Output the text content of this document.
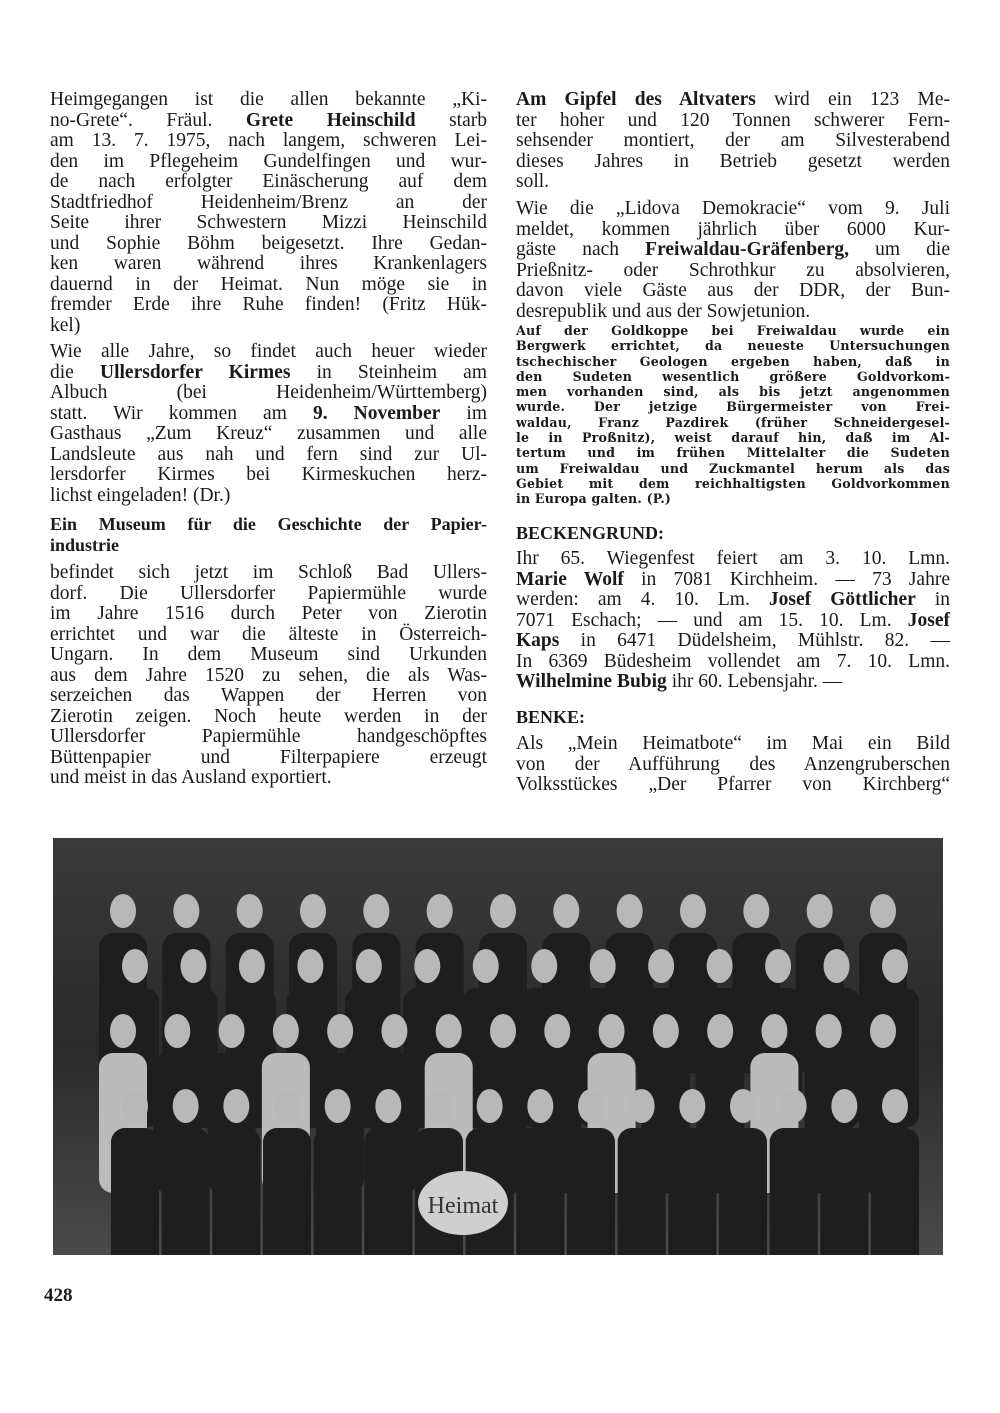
Heimgegangen ist die allen bekannte „Ki-
no-Grete“. Fräul. Grete Heinschild starb
am 13. 7. 1975, nach langem, schweren Lei-
den im Pflegeheim Gundelfingen und wur-
de nach erfolgter Einäscherung auf dem
Stadtfriedhof Heidenheim/Brenz an der
Seite ihrer Schwestern Mizzi Heinschild
und Sophie Böhm beigesetzt. Ihre Gedan-
ken waren während ihres Krankenlagers
dauernd in der Heimat. Nun möge sie in
fremder Erde ihre Ruhe finden! (Fritz Hük-
kel)
Wie alle Jahre, so findet auch heuer wieder
die Ullersdorfer Kirmes in Steinheim am
Albuch (bei Heidenheim/Württemberg)
statt. Wir kommen am 9. November im
Gasthaus „Zum Kreuz“ zusammen und alle
Landsleute aus nah und fern sind zur Ul-
lersdorfer Kirmes bei Kirmeskuchen herz-
lichst eingeladen! (Dr.)
Ein Museum für die Geschichte der Papier-
industrie
befindet sich jetzt im Schloß Bad Ullers-
dorf. Die Ullersdorfer Papiermühle wurde
im Jahre 1516 durch Peter von Zierotin
errichtet und war die älteste in Österreich-
Ungarn. In dem Museum sind Urkunden
aus dem Jahre 1520 zu sehen, die als Was-
serzeichen das Wappen der Herren von
Zierotin zeigen. Noch heute werden in der
Ullersdorfer Papiermühle handgeschöpftes
Büttenpapier und Filterpapiere erzeugt
und meist in das Ausland exportiert.
Am Gipfel des Altvaters wird ein 123 Me-
ter hoher und 120 Tonnen schwerer Fern-
sehsender montiert, der am Silvesterabend
dieses Jahres in Betrieb gesetzt werden
soll.
Wie die „Lidova Demokracie“ vom 9. Juli
meldet, kommen jährlich über 6000 Kur-
gäste nach Freiwaldau-Gräfenberg, um die
Prießnitz- oder Schrothkur zu absolvieren,
davon viele Gäste aus der DDR, der Bun-
desrepublik und aus der Sowjetunion.
Auf der Goldkoppe bei Freiwaldau wurde ein
Bergwerk errichtet, da neueste Untersuchungen
tschechischer Geologen ergeben haben, daß in
den Sudeten wesentlich größere Goldvorkom-
men vorhanden sind, als bis jetzt angenommen
wurde. Der jetzige Bürgermeister von Frei-
waldau, Franz Pazdirek (früher Schneidergesel-
le in Proßnitz), weist darauf hin, daß im Al-
tertum und im frühen Mittelalter die Sudeten
um Freiwaldau und Zuckmantel herum als das
Gebiet mit dem reichhaltigsten Goldvorkommen
in Europa galten. (P.)
BECKENGRUND:
Ihr 65. Wiegenfest feiert am 3. 10. Lmn.
Marie Wolf in 7081 Kirchheim. — 73 Jahre
werden: am 4. 10. Lm. Josef Göttlicher in
7071 Eschach; — und am 15. 10. Lm. Josef
Kaps in 6471 Düdelsheim, Mühlstr. 82. —
In 6369 Büdesheim vollendet am 7. 10. Lmn.
Wilhelmine Bubig ihr 60. Lebensjahr. —
BENKE:
Als „Mein Heimatbote“ im Mai ein Bild
von der Aufführung des Anzengruberschen
Volksstückes „Der Pfarrer von Kirchberg“
Heimat
428
